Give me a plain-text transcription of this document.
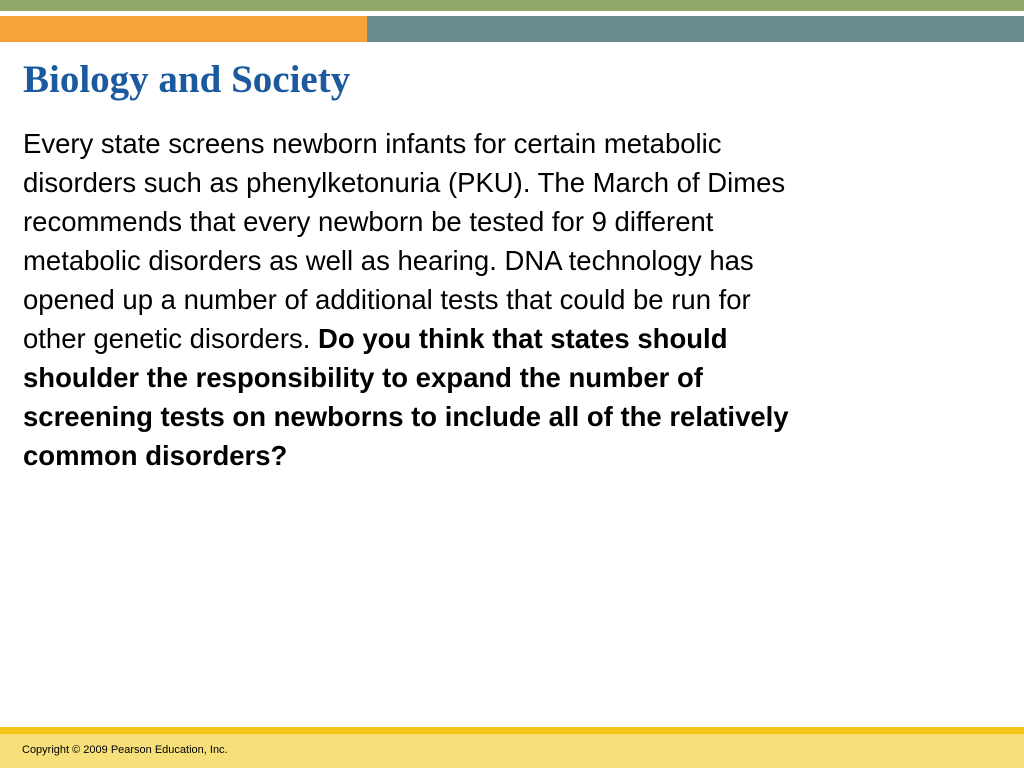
Biology and Society

Every state screens newborn infants for certain metabolic
disorders such as phenylketonuria (PKU). The March of Dimes
recommends that every newborn be tested for 9 different
metabolic disorders as well as hearing. DNA technology has
opened up a number of additional tests that could be run for
other genetic disorders. Do you think that states should
shoulder the responsibility to expand the number of
screening tests on newborns to include all of the relatively
common disorders?

Copyright © 2009 Pearson Education, Inc.
